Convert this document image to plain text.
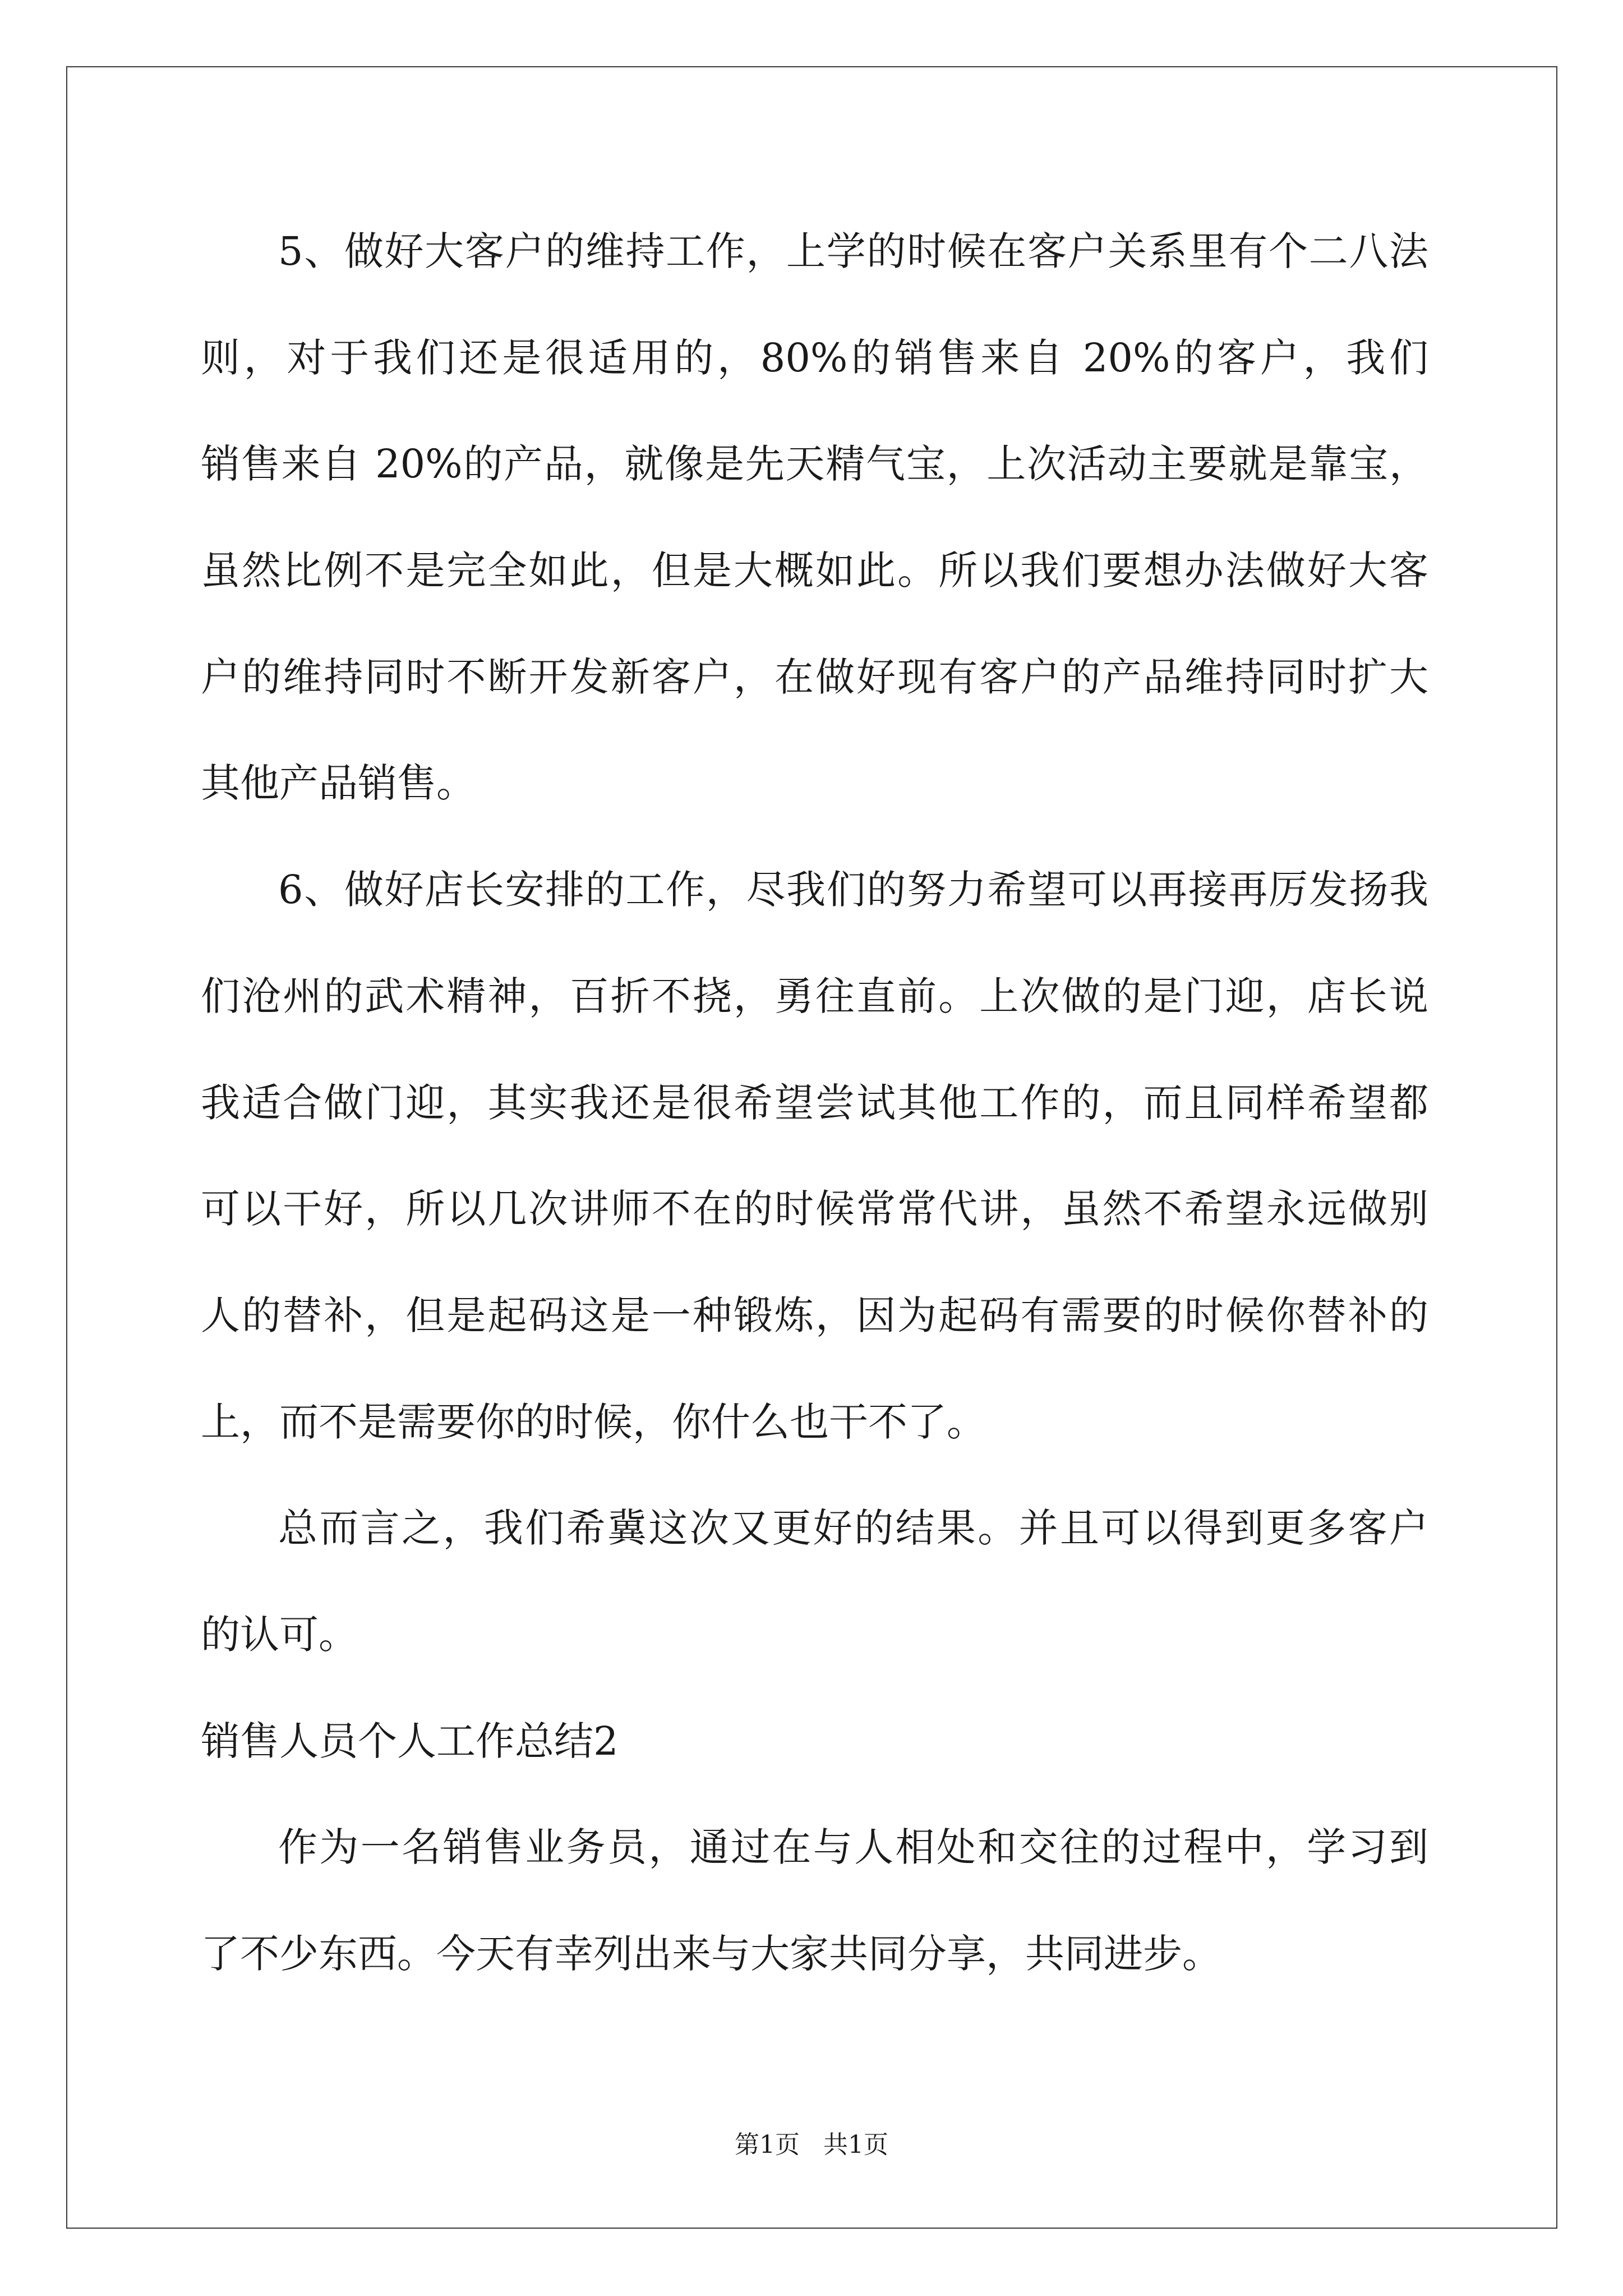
5、做好大客户的维持工作，上学的时候在客户关系里有个二八法
则，对于我们还是很适用的，80%的销售来自 20%的客户，我们
销售来自 20%的产品，就像是先天精气宝，上次活动主要就是靠宝，
虽然比例不是完全如此，但是大概如此。所以我们要想办法做好大客
户的维持同时不断开发新客户，在做好现有客户的产品维持同时扩大
其他产品销售。
6、做好店长安排的工作，尽我们的努力希望可以再接再厉发扬我
们沧州的武术精神，百折不挠，勇往直前。上次做的是门迎，店长说
我适合做门迎，其实我还是很希望尝试其他工作的，而且同样希望都
可以干好，所以几次讲师不在的时候常常代讲，虽然不希望永远做别
人的替补，但是起码这是一种锻炼，因为起码有需要的时候你替补的
上，而不是需要你的时候，你什么也干不了。
总而言之，我们希冀这次又更好的结果。并且可以得到更多客户
的认可。
销售人员个人工作总结2
作为一名销售业务员，通过在与人相处和交往的过程中，学习到
了不少东西。今天有幸列出来与大家共同分享，共同进步。
第1页   共1页
